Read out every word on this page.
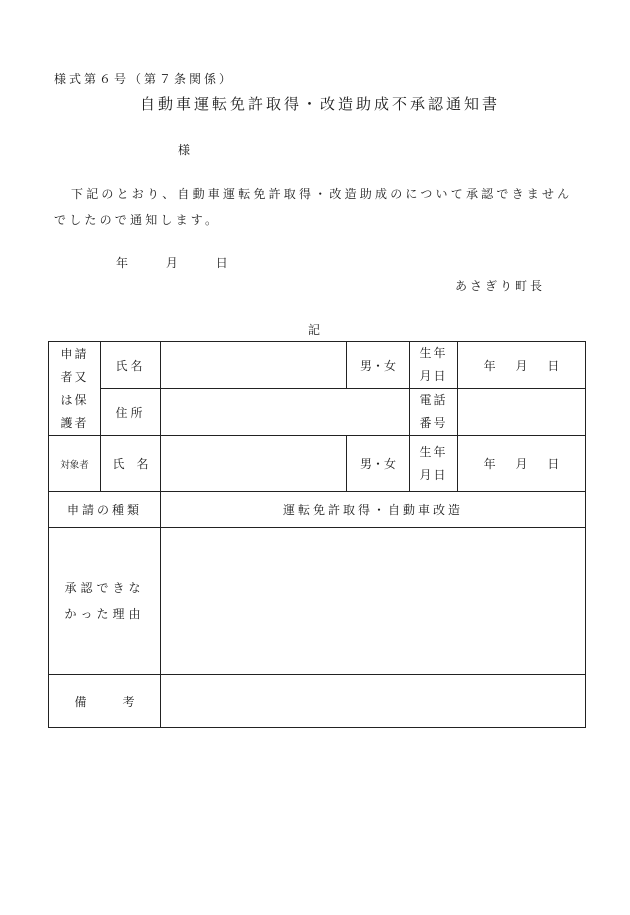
様式第６号（第７条関係）
自動車運転免許取得・改造助成不承認通知書
様
下記のとおり、自動車運転免許取得・改造助成のについて承認できませんでしたので通知します。
年	月	日
あさぎり町長
記
申請者又は保護者	氏名		男・女	生年月日	年 月 日
	住所			電話番号	

対象者	氏　名		男・女	生年月日	年 月 日
申請の種類		運転免許取得・自動車改造			

承認できなかった理由					

備　　　考					
